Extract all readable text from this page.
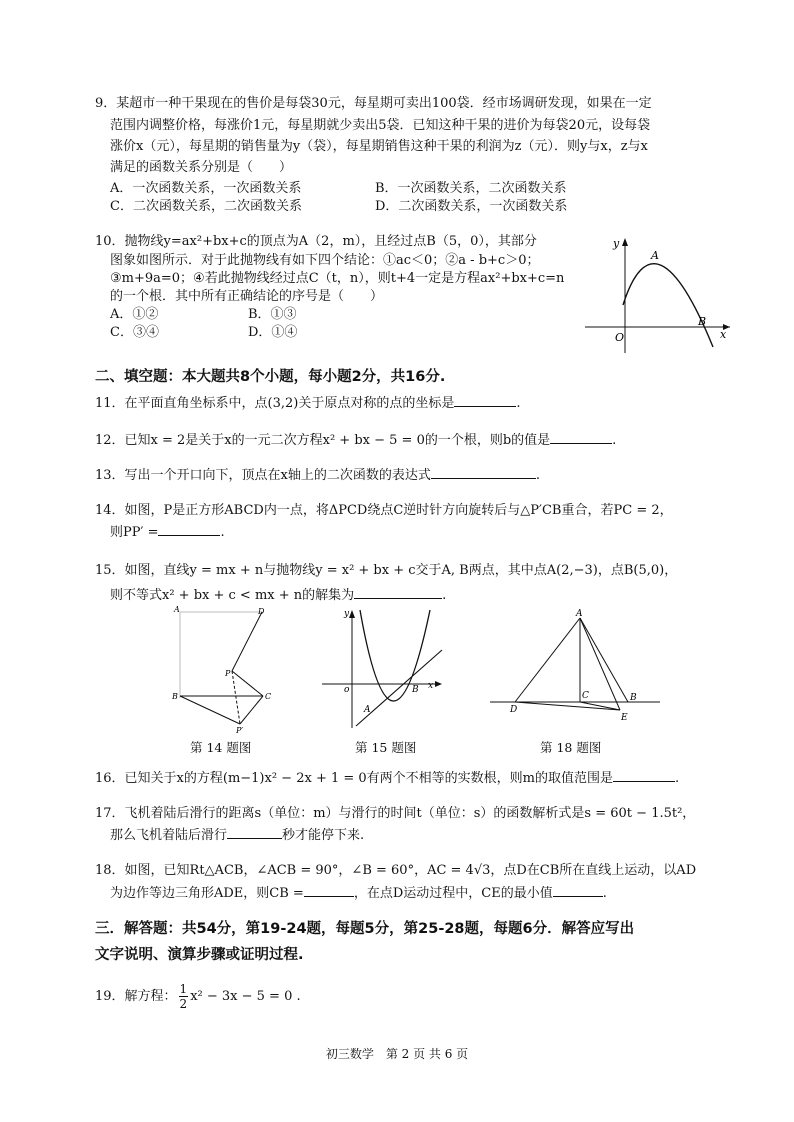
9．某超市一种干果现在的售价是每袋30元，每星期可卖出100袋．经市场调研发现，如果在一定
范围内调整价格，每涨价1元，每星期就少卖出5袋．已知这种干果的进价为每袋20元，设每袋
涨价x（元），每星期的销售量为y（袋），每星期销售这种干果的利润为z（元）．则y与x，z与x
满足的函数关系分别是（　　）
A．一次函数关系，一次函数关系	B．一次函数关系，二次函数关系
C．二次函数关系，二次函数关系	D．二次函数关系，一次函数关系
10．抛物线y=ax²+bx+c的顶点为A（2，m），且经过点B（5，0），其部分
图象如图所示．对于此抛物线有如下四个结论：①ac＜0；②a - b+c＞0；
③m+9a=0；④若此抛物线经过点C（t，n），则t+4一定是方程ax²+bx+c=n
的一个根．其中所有正确结论的序号是（　　）
A．①②	B．①③
C．③④	D．①④
y
A
B
O	x
二、填空题：本大题共8个小题，每小题2分，共16分.
11．在平面直角坐标系中，点(3,2)关于原点对称的点的坐标是	.
12．已知x = 2是关于x的一元二次方程x² + bx − 5 = 0的一个根，则b的值是	.
13．写出一个开口向下，顶点在x轴上的二次函数的表达式	.
14．如图，P是正方形ABCD内一点，将ΔPCD绕点C逆时针方向旋转后与△P′CB重合，若PC = 2，
则PP′ =	.
15．如图，直线y = mx + n与抛物线y = x² + bx + c交于A, B两点，其中点A(2,−3)，点B(5,0)，
则不等式x² + bx + c < mx + n的解集为	.
A	D
P
B	C
P′
第 14 题图
y
o	x
A
B
第 15 题图
A
C	B
D
E
第 18 题图
16．已知关于x的方程(m−1)x² − 2x + 1 = 0有两个不相等的实数根，则m的取值范围是	.
17．飞机着陆后滑行的距离s（单位：m）与滑行的时间t（单位：s）的函数解析式是s = 60t − 1.5t²，
那么飞机着陆后滑行	秒才能停下来.
18．如图，已知Rt△ACB，∠ACB = 90°，∠B = 60°，AC = 4√3，点D在CB所在直线上运动，以AD
为边作等边三角形ADE，则CB =	，在点D运动过程中，CE的最小值	.
三．解答题：共54分，第19-24题，每题5分，第25-28题，每题6分．解答应写出
文字说明、演算步骤或证明过程.
19．解方程： $\frac{1}{2} x^2 - 3x - 5 = 0$ .
初三数学　第 2 页 共 6 页
